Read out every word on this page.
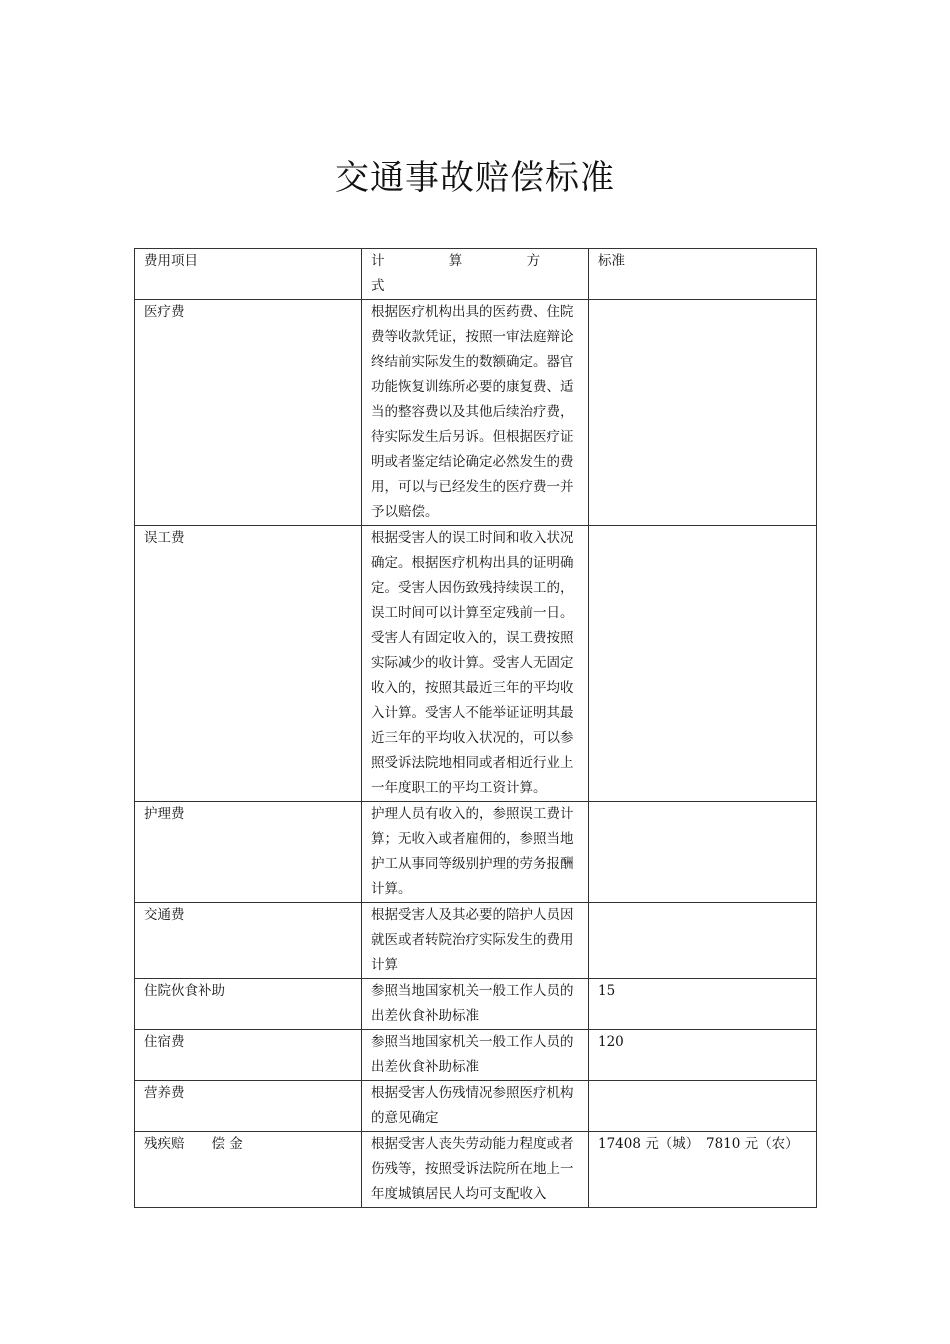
交通事故赔偿标准
费用项目	计 算 方 式	标准
医疗费	根据医疗机构出具的医药费、住院费等收款凭证，按照一审法庭辩论终结前实际发生的数额确定。器官功能恢复训练所必要的康复费、适当的整容费以及其他后续治疗费，待实际发生后另诉。但根据医疗证明或者鉴定结论确定必然发生的费用，可以与已经发生的医疗费一并予以赔偿。	
误工费	根据受害人的误工时间和收入状况确定。根据医疗机构出具的证明确定。受害人因伤致残持续误工的，误工时间可以计算至定残前一日。受害人有固定收入的，误工费按照实际减少的收计算。受害人无固定收入的，按照其最近三年的平均收入计算。受害人不能举证证明其最近三年的平均收入状况的，可以参照受诉法院地相同或者相近行业上一年度职工的平均工资计算。	
护理费	护理人员有收入的，参照误工费计算；无收入或者雇佣的，参照当地护工从事同等级别护理的劳务报酬计算。	
交通费	根据受害人及其必要的陪护人员因就医或者转院治疗实际发生的费用计算	
住院伙食补助	参照当地国家机关一般工作人员的出差伙食补助标准	15
住宿费	参照当地国家机关一般工作人员的出差伙食补助标准	120
营养费	根据受害人伤残情况参照医疗机构的意见确定	
残疾赔　　偿 金	根据受害人丧失劳动能力程度或者伤残等，按照受诉法院所在地上一年度城镇居民人均可支配收入	17408 元（城）　7810 元（农）
